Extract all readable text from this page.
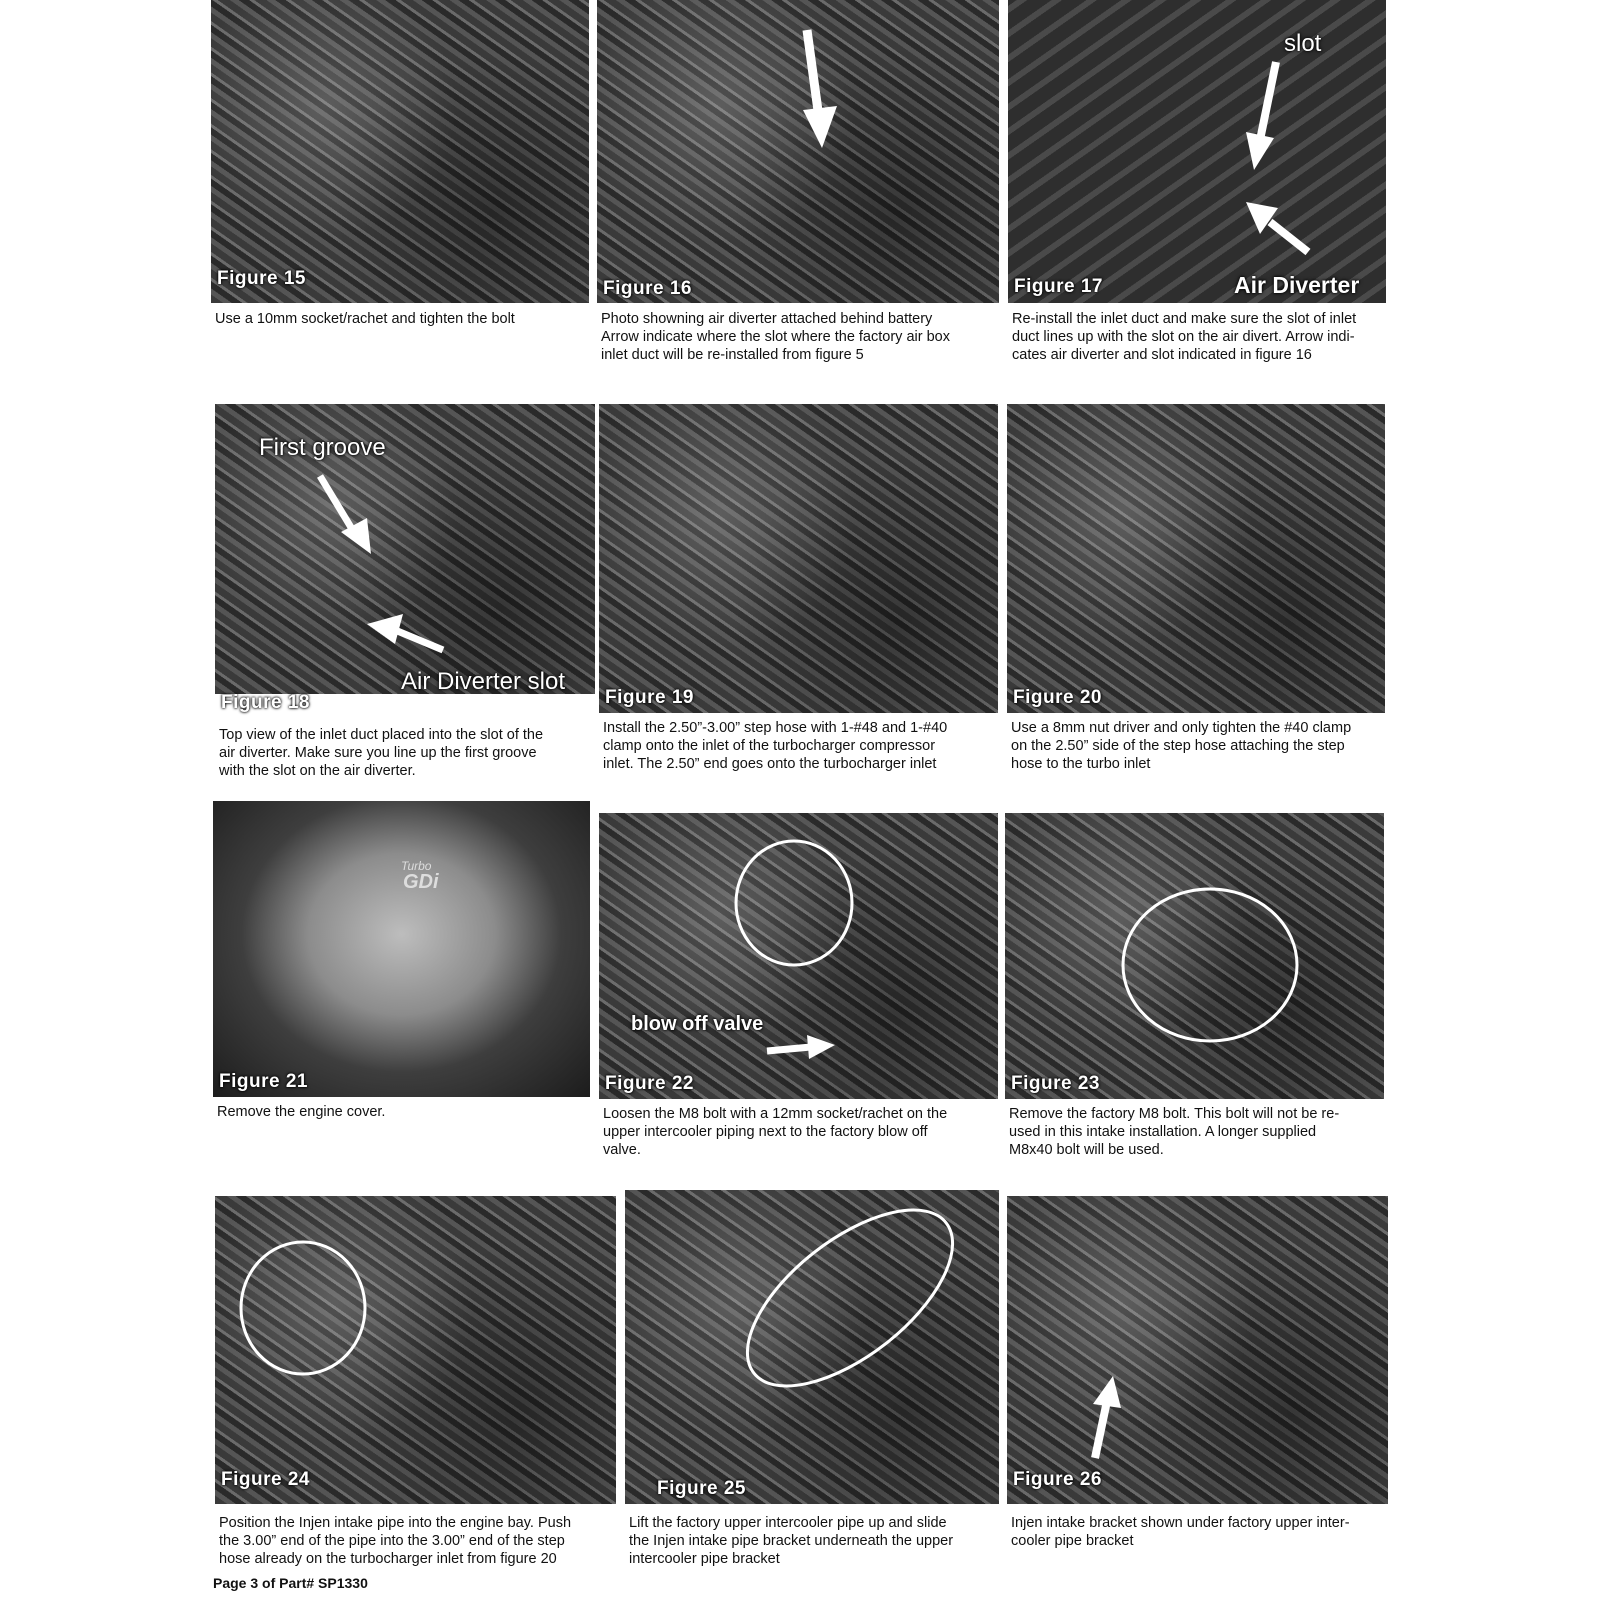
Figure 15
Use a 10mm socket/rachet and tighten the bolt
Figure 16
Photo showning air diverter attached behind battery
Arrow indicate where the slot where the factory air box
inlet duct will be re-installed from figure 5
slot
Air Diverter
Figure 17
Re-install the inlet duct and make sure the slot of inlet
duct lines up with the slot on the air divert. Arrow indi-
cates air diverter and slot indicated in figure 16
First groove
Air Diverter slot
Figure 18
Top view of the inlet duct placed into the slot of the
air diverter. Make sure you line up the first groove
with the slot on the air diverter.
Figure 19
Install the 2.50”-3.00” step hose with 1-#48 and 1-#40
clamp onto the inlet of the turbocharger compressor
inlet. The 2.50” end goes onto the turbocharger inlet
Figure 20
Use a 8mm nut driver and only tighten the #40 clamp
on the 2.50” side of the step hose attaching the step
hose to the turbo inlet
Turbo
GDi
Figure 21
Remove the engine cover.
blow off valve
Figure 22
Loosen the M8 bolt with a 12mm socket/rachet on the
upper intercooler piping next to the factory blow off
valve.
Figure 23
Remove the factory M8 bolt. This bolt will not be re-
used in this intake installation. A longer supplied
M8x40 bolt will be used.
Figure 24
Position the Injen intake pipe into the engine bay. Push
the 3.00” end of the pipe into the 3.00” end of the step
hose already on the turbocharger inlet from figure 20
Figure 25
Lift the factory upper intercooler pipe up and slide
the Injen intake pipe bracket underneath the upper
intercooler pipe bracket
Figure 26
Injen intake bracket shown under factory upper inter-
cooler pipe bracket
Page 3 of Part# SP1330
